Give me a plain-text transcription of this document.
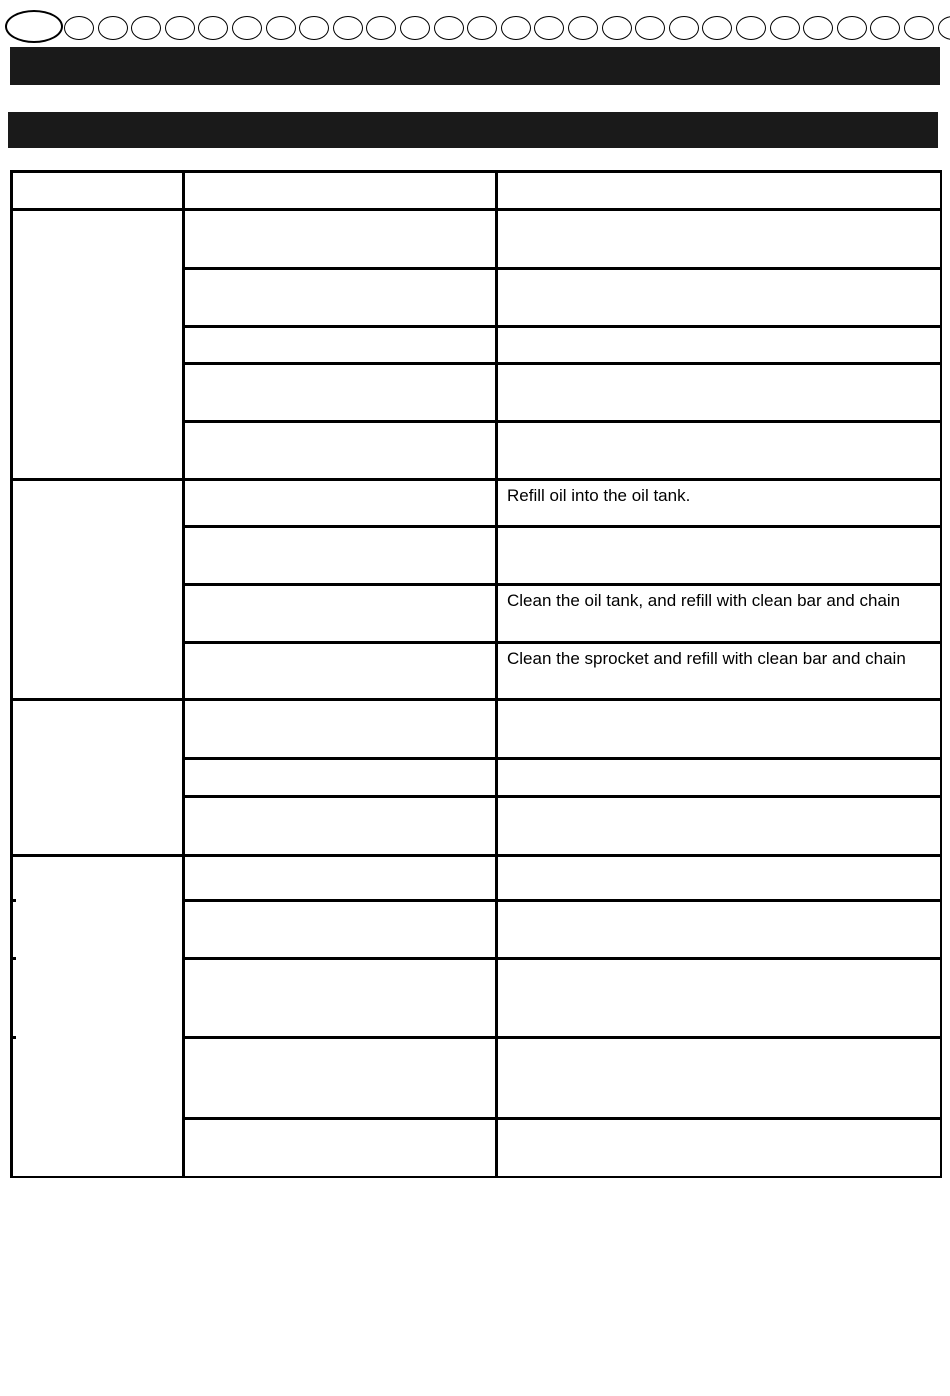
Refill oil into the oil tank.
Clean the oil tank, and refill with clean bar and chain
Clean the sprocket and refill with clean bar and chain
